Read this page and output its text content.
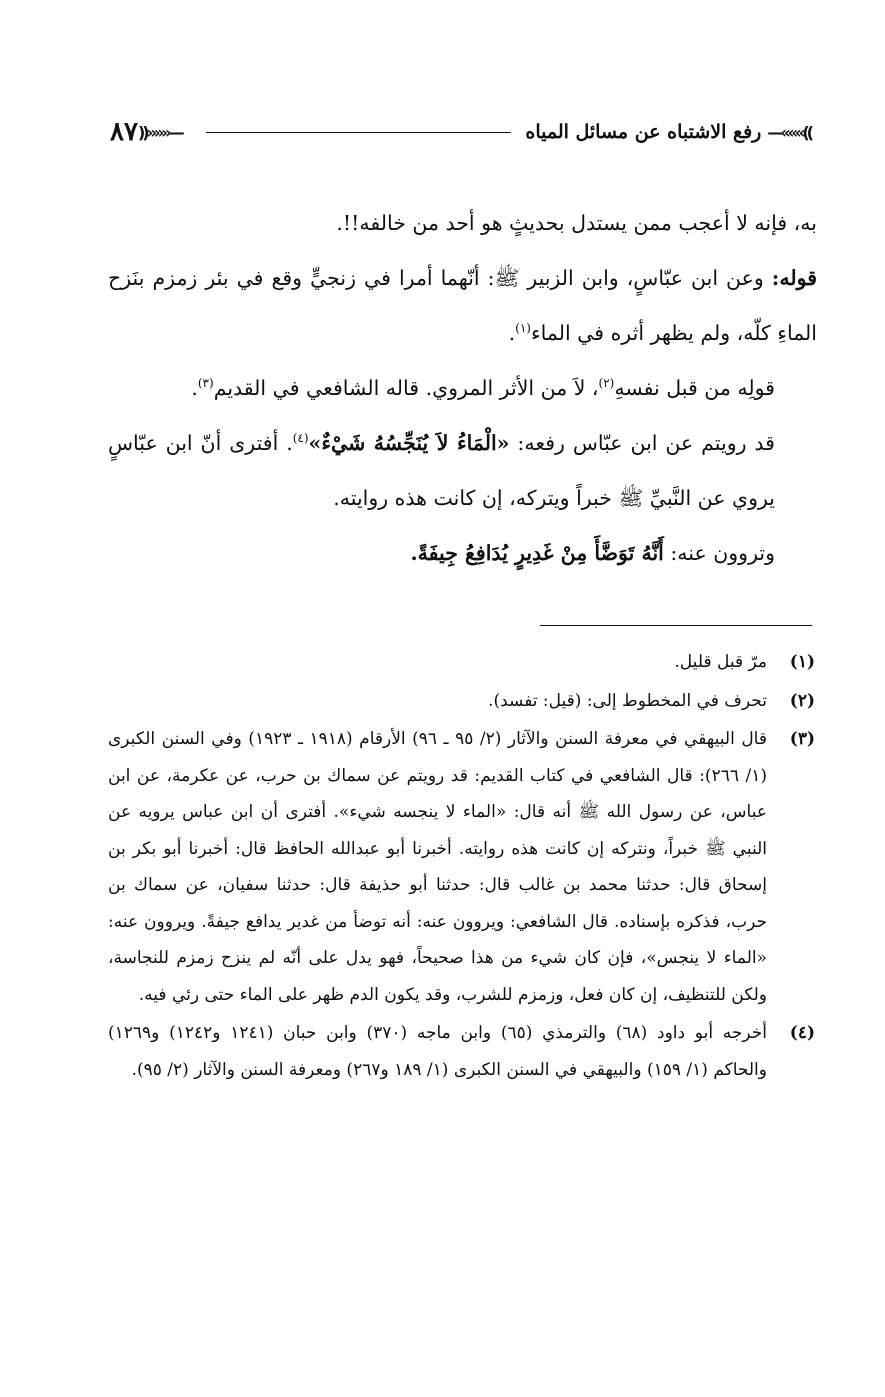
—«««((
رفع الاشتباه عن مسائل المياه
))»»»—
٨٧

به، فإنه لا أعجب ممن يستدل بحديثٍ هو أحد من خالفه!!.

قوله: وعن ابن عبّاسٍ، وابن الزبير ﷺ: أنّهما أمرا في زنجيٍّ وقع في بئر زمزم بنَزح الماءِ كلّه، ولم يظهر أثره في الماء$^{(١)}$.

قولِه من قبل نفسهِ$^{(٢)}$، لاَ من الأثر المروي. قاله الشافعي في القديم$^{(٣)}$.

قد رويتم عن ابن عبّاس رفعه: «الْمَاءُ لاَ يُنَجِّسُهُ شَيْءٌ»$^{(٤)}$. أفترى أنّ ابن عبّاسٍ يروي عن النَّبيِّ ﷺ خبراً ويتركه، إن كانت هذه روايته.

وتروون عنه: أَنَّهُ تَوَضَّأَ مِنْ غَدِيرٍ يُدَافِعُ جِيفَةً.

(١)
مرّ قبل قليل.
(٢)
تحرف في المخطوط إلى: (قيل: تفسد).
(٣)
قال البيهقي في معرفة السنن والآثار (٢/ ٩٥ ـ ٩٦) الأرقام (١٩١٨ ـ ١٩٢٣) وفي السنن الكبرى (١/ ٢٦٦): قال الشافعي في كتاب القديم: قد رويتم عن سماك بن حرب، عن عكرمة، عن ابن عباس، عن رسول الله ﷺ أنه قال: «الماء لا ينجسه شيء». أفترى أن ابن عباس يرويه عن النبي ﷺ خبراً، ونتركه إن كانت هذه روايته. أخبرنا أبو عبدالله الحافظ قال: أخبرنا أبو بكر بن إسحاق قال: حدثنا محمد بن غالب قال: حدثنا أبو حذيفة قال: حدثنا سفيان، عن سماك بن حرب، فذكره بإسناده. قال الشافعي: ويروون عنه: أنه توضأ من غدير يدافع جيفةً. ويروون عنه: «الماء لا ينجس»، فإن كان شيء من هذا صحيحاً، فهو يدل على أنّه لم ينزح زمزم للنجاسة، ولكن للتنظيف، إن كان فعل، وزمزم للشرب، وقد يكون الدم ظهر على الماء حتى رئي فيه.
(٤)
أخرجه أبو داود (٦٨) والترمذي (٦٥) وابن ماجه (٣٧٠) وابن حبان (١٢٤١ و١٢٤٢) و١٢٦٩) والحاكم (١/ ١٥٩) والبيهقي في السنن الكبرى (١/ ١٨٩ و٢٦٧) ومعرفة السنن والآثار (٢/ ٩٥).
